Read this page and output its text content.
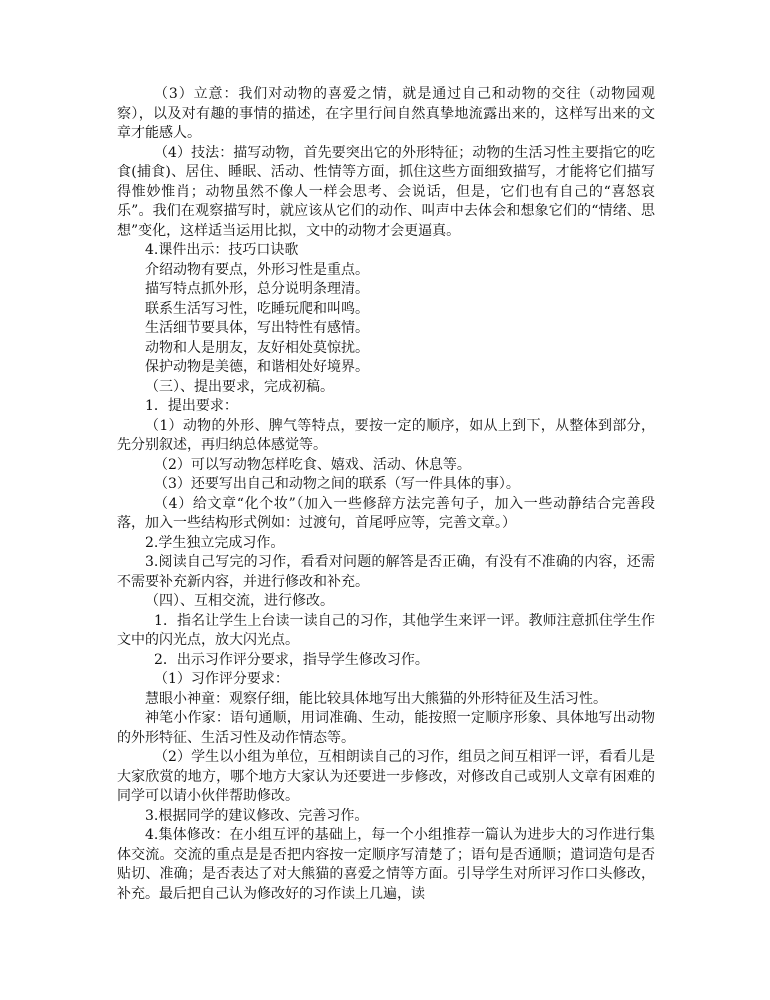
（3）立意：我们对动物的喜爱之情，就是通过自己和动物的交往（动物园观察），以及对有趣的事情的描述，在字里行间自然真挚地流露出来的，这样写出来的文章才能感人。

（4）技法：描写动物，首先要突出它的外形特征；动物的生活习性主要指它的吃食(捕食)、居住、睡眠、活动、性情等方面，抓住这些方面细致描写，才能将它们描写得惟妙惟肖；动物虽然不像人一样会思考、会说话，但是，它们也有自己的“喜怒哀乐”。我们在观察描写时，就应该从它们的动作、叫声中去体会和想象它们的“情绪、思想”变化，这样适当运用比拟，文中的动物才会更逼真。

4.课件出示：技巧口诀歌

介绍动物有要点，外形习性是重点。

描写特点抓外形，总分说明条理清。

联系生活写习性，吃睡玩爬和叫鸣。

生活细节要具体，写出特性有感情。

动物和人是朋友，友好相处莫惊扰。

保护动物是美德，和谐相处好境界。

（三）、提出要求，完成初稿。

1．提出要求：

（1）动物的外形、脾气等特点，要按一定的顺序，如从上到下，从整体到部分，先分别叙述，再归纳总体感觉等。

（2）可以写动物怎样吃食、嬉戏、活动、休息等。

（3）还要写出自己和动物之间的联系（写一件具体的事）。

（4）给文章“化个妆”（加入一些修辞方法完善句子，加入一些动静结合完善段落，加入一些结构形式例如：过渡句，首尾呼应等，完善文章。）

2.学生独立完成习作。

3.阅读自己写完的习作，看看对问题的解答是否正确，有没有不准确的内容，还需不需要补充新内容，并进行修改和补充。

（四）、互相交流，进行修改。

1．指名让学生上台读一读自己的习作，其他学生来评一评。教师注意抓住学生作文中的闪光点，放大闪光点。

2．出示习作评分要求，指导学生修改习作。

（1）习作评分要求：

慧眼小神童：观察仔细，能比较具体地写出大熊猫的外形特征及生活习性。

神笔小作家：语句通顺，用词准确、生动，能按照一定顺序形象、具体地写出动物的外形特征、生活习性及动作情态等。

（2）学生以小组为单位，互相朗读自己的习作，组员之间互相评一评，看看儿是大家欣赏的地方，哪个地方大家认为还要进一步修改，对修改自己或别人文章有困难的同学可以请小伙伴帮助修改。

3.根据同学的建议修改、完善习作。

4.集体修改：在小组互评的基础上，每一个小组推荐一篇认为进步大的习作进行集体交流。交流的重点是是否把内容按一定顺序写清楚了；语句是否通顺；遣词造句是否贴切、准确；是否表达了对大熊猫的喜爱之情等方面。引导学生对所评习作口头修改，补充。最后把自己认为修改好的习作读上几遍，读
